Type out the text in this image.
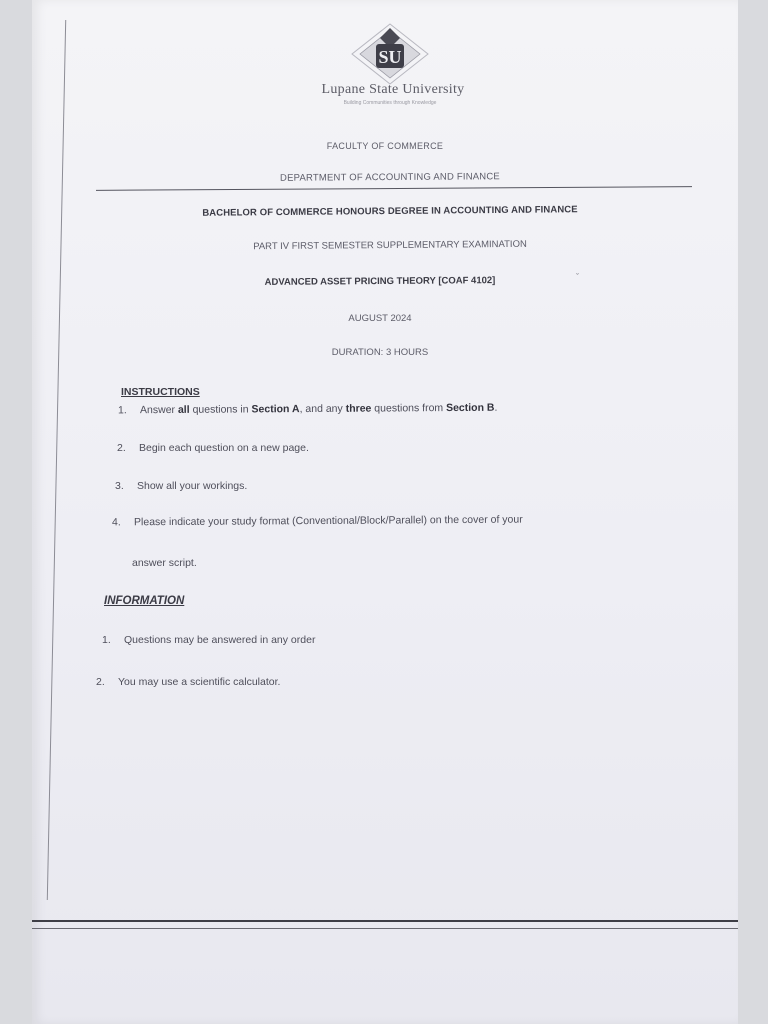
SU
Lupane State University
Building Communities through Knowledge
FACULTY OF COMMERCE
DEPARTMENT OF ACCOUNTING AND FINANCE
BACHELOR OF COMMERCE HONOURS DEGREE IN ACCOUNTING AND FINANCE
PART IV FIRST SEMESTER SUPPLEMENTARY EXAMINATION
ADVANCED ASSET PRICING THEORY [COAF 4102]	ˇ
AUGUST 2024
DURATION: 3 HOURS
INSTRUCTIONS
1. Answer all questions in Section A, and any three questions from Section B.
2. Begin each question on a new page.
3. Show all your workings.
4. Please indicate your study format (Conventional/Block/Parallel) on the cover of your
answer script.
INFORMATION
1. Questions may be answered in any order
2. You may use a scientific calculator.
